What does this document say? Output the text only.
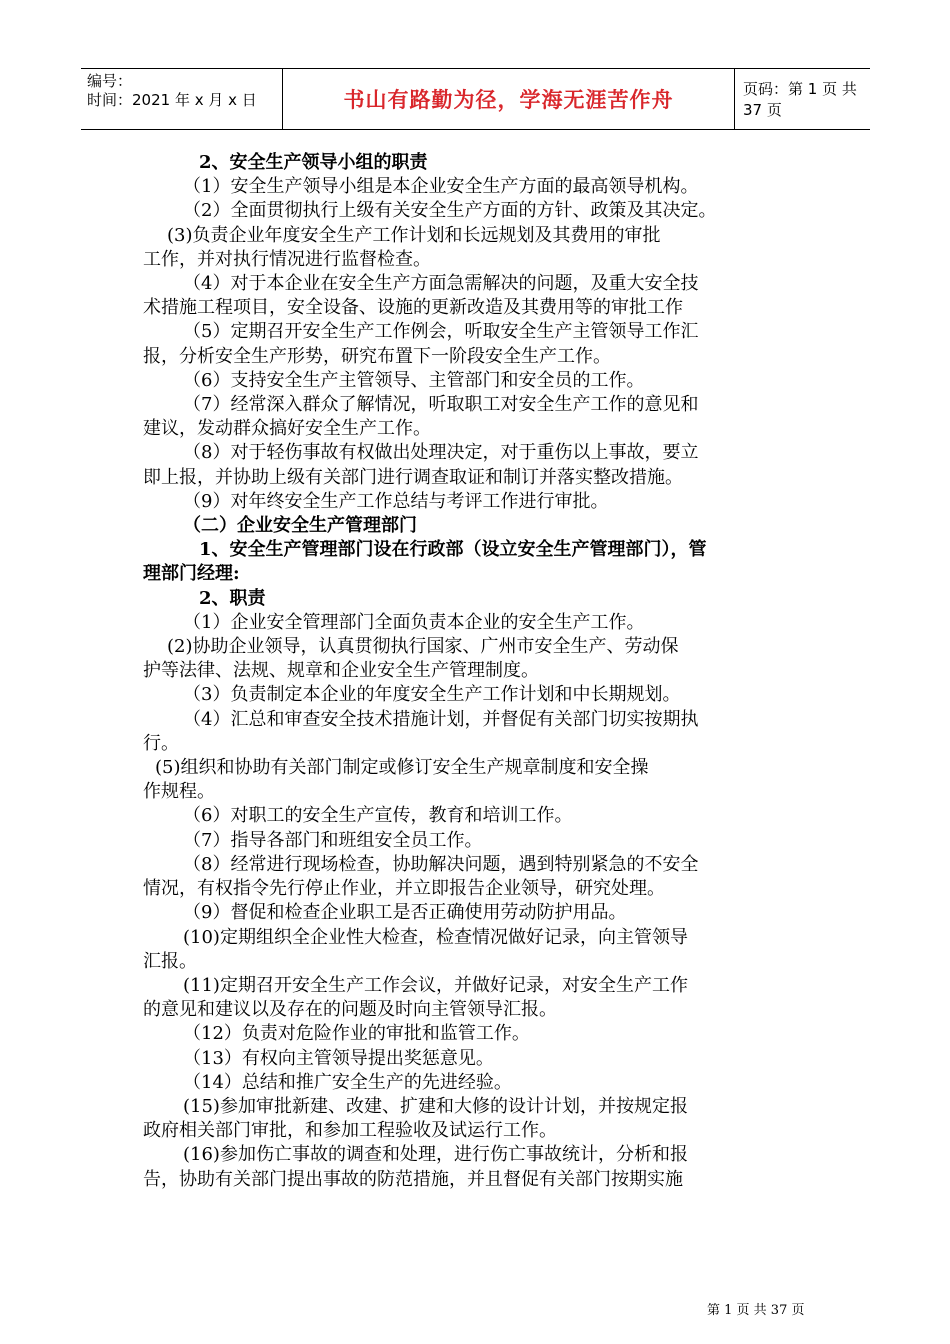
编号：
时间：2021 年 x 月 x 日	书山有路勤为径，学海无涯苦作舟	页码：第 1 页 共 37 页
2、安全生产领导小组的职责
（1）安全生产领导小组是本企业安全生产方面的最高领导机构。
（2）全面贯彻执行上级有关安全生产方面的方针、政策及其决定。
(3)负责企业年度安全生产工作计划和长远规划及其费用的审批
工作，并对执行情况进行监督检查。
（4）对于本企业在安全生产方面急需解决的问题，及重大安全技
术措施工程项目，安全设备、设施的更新改造及其费用等的审批工作
（5）定期召开安全生产工作例会，听取安全生产主管领导工作汇
报，分析安全生产形势，研究布置下一阶段安全生产工作。
（6）支持安全生产主管领导、主管部门和安全员的工作。
（7）经常深入群众了解情况，听取职工对安全生产工作的意见和
建议，发动群众搞好安全生产工作。
（8）对于轻伤事故有权做出处理决定，对于重伤以上事故，要立
即上报，并协助上级有关部门进行调查取证和制订并落实整改措施。
（9）对年终安全生产工作总结与考评工作进行审批。
（二）企业安全生产管理部门
1、安全生产管理部门设在行政部（设立安全生产管理部门），管
理部门经理:
2、职责
（1）企业安全管理部门全面负责本企业的安全生产工作。
(2)协助企业领导，认真贯彻执行国家、广州市安全生产、劳动保
护等法律、法规、规章和企业安全生产管理制度。
（3）负责制定本企业的年度安全生产工作计划和中长期规划。
（4）汇总和审查安全技术措施计划，并督促有关部门切实按期执
行。
(5)组织和协助有关部门制定或修订安全生产规章制度和安全操
作规程。
（6）对职工的安全生产宣传，教育和培训工作。
（7）指导各部门和班组安全员工作。
（8）经常进行现场检查，协助解决问题，遇到特别紧急的不安全
情况，有权指令先行停止作业，并立即报告企业领导，研究处理。
（9）督促和检查企业职工是否正确使用劳动防护用品。
(10)定期组织全企业性大检查，检查情况做好记录，向主管领导
汇报。
(11)定期召开安全生产工作会议，并做好记录，对安全生产工作
的意见和建议以及存在的问题及时向主管领导汇报。
（12）负责对危险作业的审批和监管工作。
（13）有权向主管领导提出奖惩意见。
（14）总结和推广安全生产的先进经验。
(15)参加审批新建、改建、扩建和大修的设计计划，并按规定报
政府相关部门审批，和参加工程验收及试运行工作。
(16)参加伤亡事故的调查和处理，进行伤亡事故统计，分析和报
告，协助有关部门提出事故的防范措施，并且督促有关部门按期实施
第 1 页 共 37 页
